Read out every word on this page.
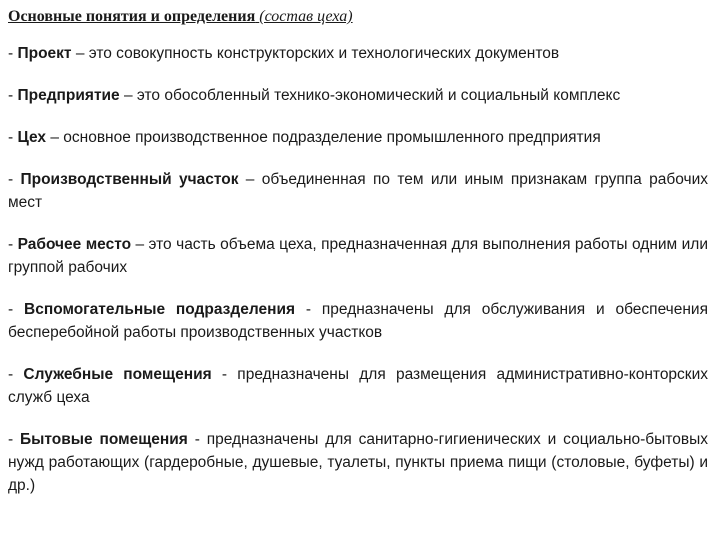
Основные понятия и определения (состав цеха)

- Проект – это совокупность конструкторских и технологических документов

- Предприятие – это обособленный технико-экономический и социальный комплекс

- Цех – основное производственное подразделение промышленного предприятия

- Производственный участок – объединенная по тем или иным признакам группа рабочих мест

- Рабочее место – это часть объема цеха, предназначенная для выполнения работы одним или группой рабочих

- Вспомогательные подразделения - предназначены для обслуживания и обеспечения бесперебойной работы производственных участков

- Служебные помещения - предназначены для размещения административно-конторских служб цеха

- Бытовые помещения - предназначены для санитарно-гигиенических и социально-бытовых нужд работающих (гардеробные, душевые, туалеты, пункты приема пищи (столовые, буфеты) и др.)
